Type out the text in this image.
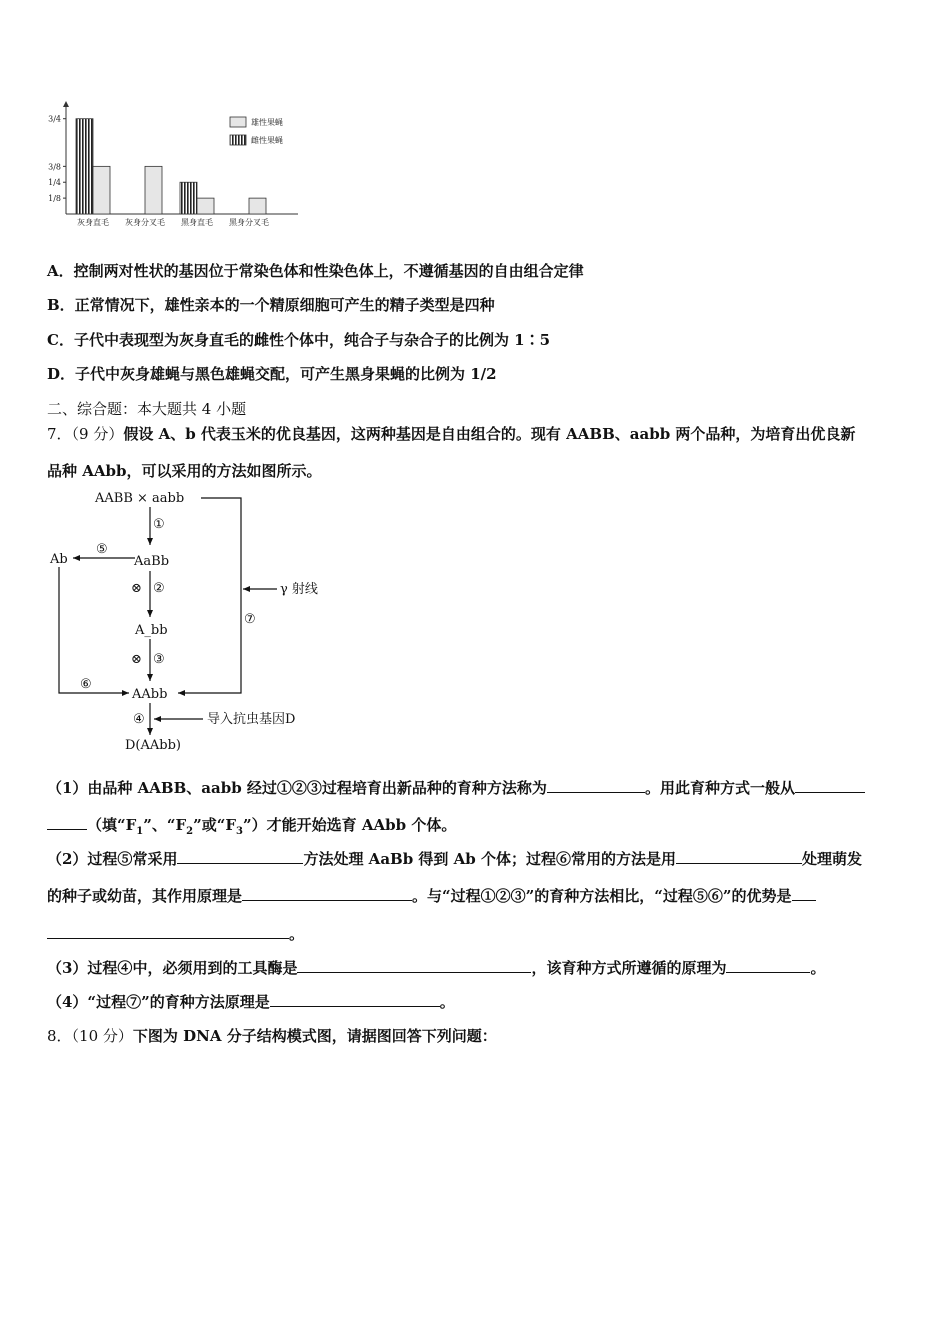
3/4
3/8
1/4
1/8
灰身直毛 灰身分叉毛 黑身直毛 黑身分叉毛
雄性果蝇
雌性果蝇
A．控制两对性状的基因位于常染色体和性染色体上，不遵循基因的自由组合定律
B．正常情况下，雄性亲本的一个精原细胞可产生的精子类型是四种
C．子代中表现型为灰身直毛的雌性个体中，纯合子与杂合子的比例为 1∶5
D．子代中灰身雄蝇与黑色雄蝇交配，可产生黑身果蝇的比例为 1/2
二、综合题：本大题共 4 小题
7．（9 分）假设 A、b 代表玉米的优良基因，这两种基因是自由组合的。现有 AABB、aabb 两个品种，为培育出优良新
品种 AAbb，可以采用的方法如图所示。
AABB × aabb
Ab	AaBb
A_bb
AAbb
D(AAbb)
①
⊗ ②
⊗ ③
④
⑤
⑥
⑦
γ 射线
导入抗虫基因D
（1）由品种 AABB、aabb 经过①②③过程培育出新品种的育种方法称为	。用此育种方式一般从
（填“$F_1$”、“$F_2$”或“$F_3$”）才能开始选育 AAbb 个体。
（2）过程⑤常采用	方法处理 AaBb 得到 Ab 个体；过程⑥常用的方法是用	处理萌发
的种子或幼苗，其作用原理是	。与“过程①②③”的育种方法相比，“过程⑤⑥”的优势是
。
（3）过程④中，必须用到的工具酶是	，该育种方式所遵循的原理为	。
（4）“过程⑦”的育种方法原理是	。
8．（10 分）下图为 DNA 分子结构模式图，请据图回答下列问题：
